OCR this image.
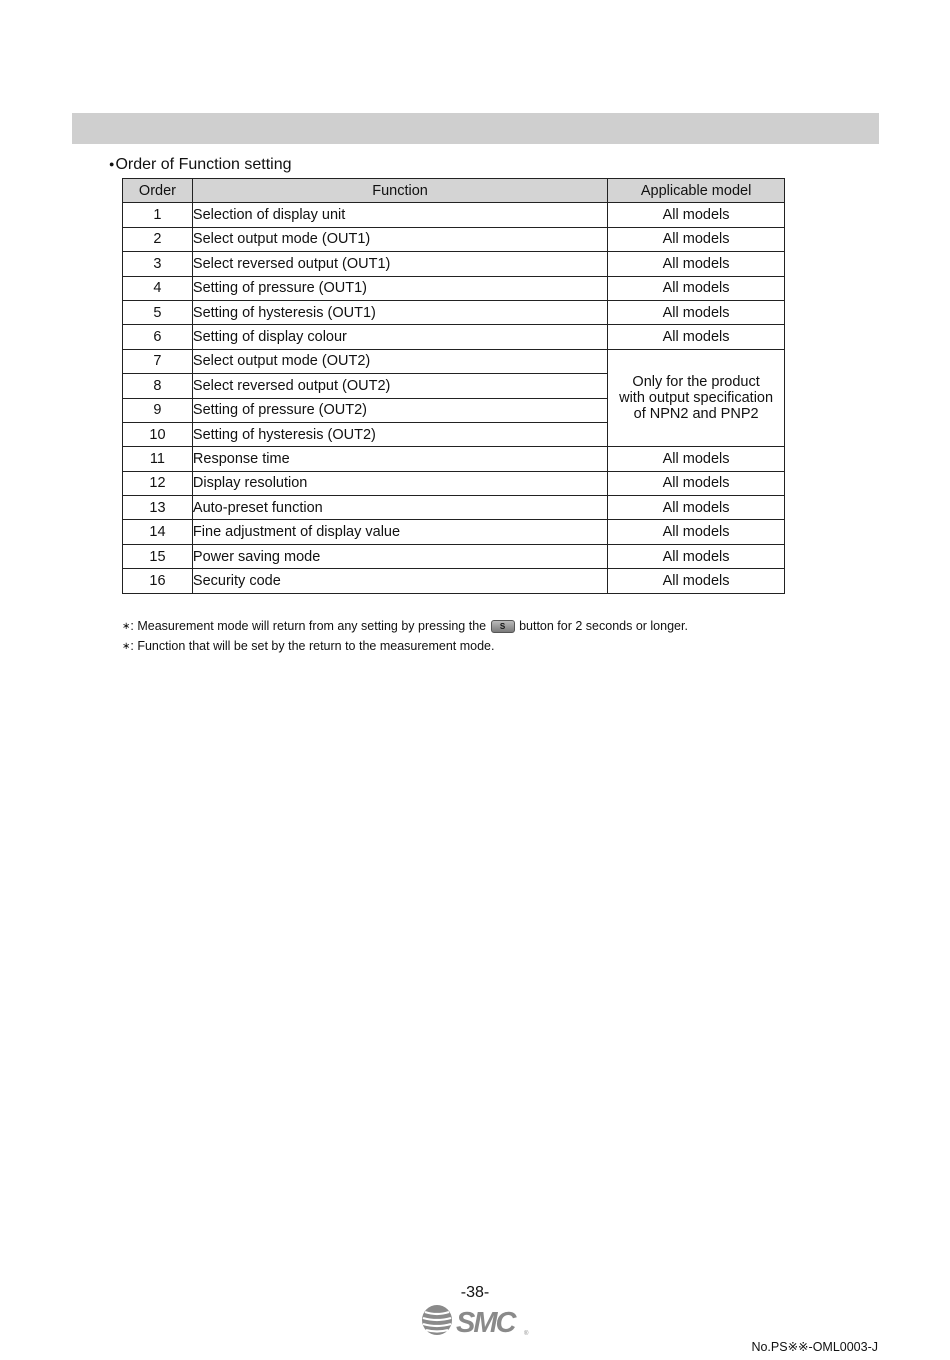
●Order of Function setting
Order	Function	Applicable model
1	Selection of display unit	All models
2	Select output mode (OUT1)	All models
3	Select reversed output (OUT1)	All models
4	Setting of pressure (OUT1)	All models
5	Setting of hysteresis (OUT1)	All models
6	Setting of display colour	All models
7	Select output mode (OUT2)	Only for the product
with output specification
of NPN2 and PNP2
8	Select reversed output (OUT2)	
9	Setting of pressure (OUT2)	
10	Setting of hysteresis (OUT2)	
11	Response time	All models
12	Display resolution	All models
13	Auto-preset function	All models
14	Fine adjustment of display value	All models
15	Power saving mode	All models
16	Security code	All models
∗: Measurement mode will return from any setting by pressing the S button for 2 seconds or longer.
∗: Function that will be set by the return to the measurement mode.
-38-
SMC	®
No.PS※※-OML0003-J
